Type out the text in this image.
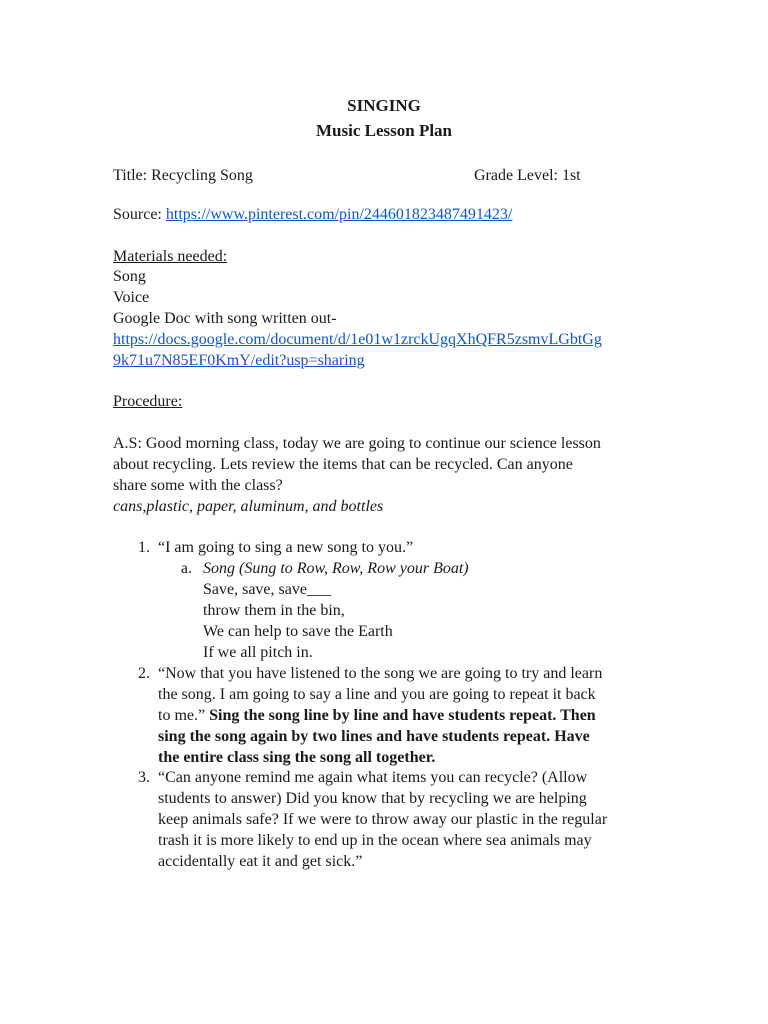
SINGING
Music Lesson Plan
Title: Recycling Song	Grade Level: 1st
Source: https://www.pinterest.com/pin/244601823487491423/
Materials needed:
Song
Voice
Google Doc with song written out-
https://docs.google.com/document/d/1e01w1zrckUgqXhQFR5zsmvLGbtGg
9k71u7N85EF0KmY/edit?usp=sharing
Procedure:
A.S: Good morning class, today we are going to continue our science lesson
about recycling. Lets review the items that can be recycled. Can anyone
share some with the class?
cans,plastic, paper, aluminum, and bottles
1. “I am going to sing a new song to you.”
a. Song (Sung to Row, Row, Row your Boat)
Save, save, save___
throw them in the bin,
We can help to save the Earth
If we all pitch in.
2. “Now that you have listened to the song we are going to try and learn
the song. I am going to say a line and you are going to repeat it back
to me.” Sing the song line by line and have students repeat. Then
sing the song again by two lines and have students repeat. Have
the entire class sing the song all together.
3. “Can anyone remind me again what items you can recycle? (Allow
students to answer) Did you know that by recycling we are helping
keep animals safe? If we were to throw away our plastic in the regular
trash it is more likely to end up in the ocean where sea animals may
accidentally eat it and get sick.”
